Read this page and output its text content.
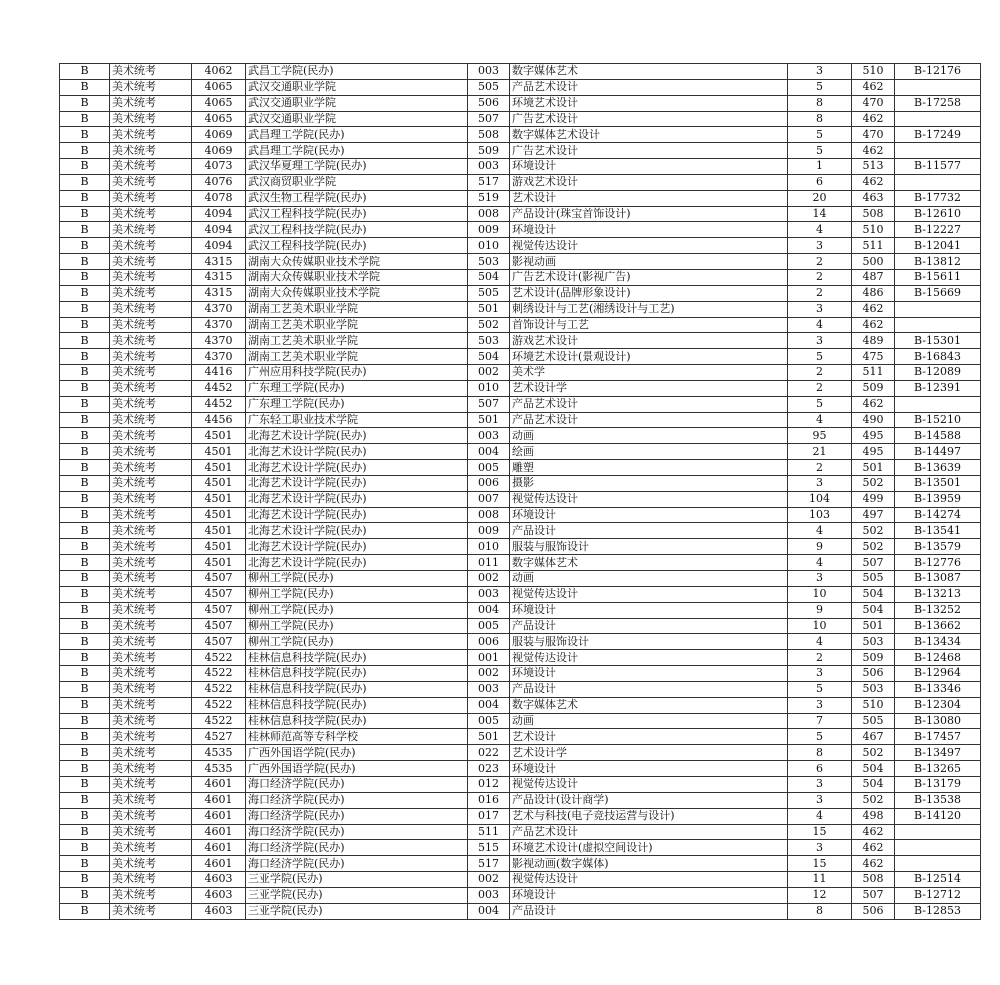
B	美术统考	4062	武昌工学院(民办)	003	数字媒体艺术	3	510	B-12176
B	美术统考	4065	武汉交通职业学院	505	产品艺术设计	5	462	
B	美术统考	4065	武汉交通职业学院	506	环境艺术设计	8	470	B-17258
B	美术统考	4065	武汉交通职业学院	507	广告艺术设计	8	462	
B	美术统考	4069	武昌理工学院(民办)	508	数字媒体艺术设计	5	470	B-17249
B	美术统考	4069	武昌理工学院(民办)	509	广告艺术设计	5	462	
B	美术统考	4073	武汉华夏理工学院(民办)	003	环境设计	1	513	B-11577
B	美术统考	4076	武汉商贸职业学院	517	游戏艺术设计	6	462	
B	美术统考	4078	武汉生物工程学院(民办)	519	艺术设计	20	463	B-17732
B	美术统考	4094	武汉工程科技学院(民办)	008	产品设计(珠宝首饰设计)	14	508	B-12610
B	美术统考	4094	武汉工程科技学院(民办)	009	环境设计	4	510	B-12227
B	美术统考	4094	武汉工程科技学院(民办)	010	视觉传达设计	3	511	B-12041
B	美术统考	4315	湖南大众传媒职业技术学院	503	影视动画	2	500	B-13812
B	美术统考	4315	湖南大众传媒职业技术学院	504	广告艺术设计(影视广告)	2	487	B-15611
B	美术统考	4315	湖南大众传媒职业技术学院	505	艺术设计(品牌形象设计)	2	486	B-15669
B	美术统考	4370	湖南工艺美术职业学院	501	刺绣设计与工艺(湘绣设计与工艺)	3	462	
B	美术统考	4370	湖南工艺美术职业学院	502	首饰设计与工艺	4	462	
B	美术统考	4370	湖南工艺美术职业学院	503	游戏艺术设计	3	489	B-15301
B	美术统考	4370	湖南工艺美术职业学院	504	环境艺术设计(景观设计)	5	475	B-16843
B	美术统考	4416	广州应用科技学院(民办)	002	美术学	2	511	B-12089
B	美术统考	4452	广东理工学院(民办)	010	艺术设计学	2	509	B-12391
B	美术统考	4452	广东理工学院(民办)	507	产品艺术设计	5	462	
B	美术统考	4456	广东轻工职业技术学院	501	产品艺术设计	4	490	B-15210
B	美术统考	4501	北海艺术设计学院(民办)	003	动画	95	495	B-14588
B	美术统考	4501	北海艺术设计学院(民办)	004	绘画	21	495	B-14497
B	美术统考	4501	北海艺术设计学院(民办)	005	雕塑	2	501	B-13639
B	美术统考	4501	北海艺术设计学院(民办)	006	摄影	3	502	B-13501
B	美术统考	4501	北海艺术设计学院(民办)	007	视觉传达设计	104	499	B-13959
B	美术统考	4501	北海艺术设计学院(民办)	008	环境设计	103	497	B-14274
B	美术统考	4501	北海艺术设计学院(民办)	009	产品设计	4	502	B-13541
B	美术统考	4501	北海艺术设计学院(民办)	010	服装与服饰设计	9	502	B-13579
B	美术统考	4501	北海艺术设计学院(民办)	011	数字媒体艺术	4	507	B-12776
B	美术统考	4507	柳州工学院(民办)	002	动画	3	505	B-13087
B	美术统考	4507	柳州工学院(民办)	003	视觉传达设计	10	504	B-13213
B	美术统考	4507	柳州工学院(民办)	004	环境设计	9	504	B-13252
B	美术统考	4507	柳州工学院(民办)	005	产品设计	10	501	B-13662
B	美术统考	4507	柳州工学院(民办)	006	服装与服饰设计	4	503	B-13434
B	美术统考	4522	桂林信息科技学院(民办)	001	视觉传达设计	2	509	B-12468
B	美术统考	4522	桂林信息科技学院(民办)	002	环境设计	3	506	B-12964
B	美术统考	4522	桂林信息科技学院(民办)	003	产品设计	5	503	B-13346
B	美术统考	4522	桂林信息科技学院(民办)	004	数字媒体艺术	3	510	B-12304
B	美术统考	4522	桂林信息科技学院(民办)	005	动画	7	505	B-13080
B	美术统考	4527	桂林师范高等专科学校	501	艺术设计	5	467	B-17457
B	美术统考	4535	广西外国语学院(民办)	022	艺术设计学	8	502	B-13497
B	美术统考	4535	广西外国语学院(民办)	023	环境设计	6	504	B-13265
B	美术统考	4601	海口经济学院(民办)	012	视觉传达设计	3	504	B-13179
B	美术统考	4601	海口经济学院(民办)	016	产品设计(设计商学)	3	502	B-13538
B	美术统考	4601	海口经济学院(民办)	017	艺术与科技(电子竞技运营与设计)	4	498	B-14120
B	美术统考	4601	海口经济学院(民办)	511	产品艺术设计	15	462	
B	美术统考	4601	海口经济学院(民办)	515	环境艺术设计(虚拟空间设计)	3	462	
B	美术统考	4601	海口经济学院(民办)	517	影视动画(数字媒体)	15	462	
B	美术统考	4603	三亚学院(民办)	002	视觉传达设计	11	508	B-12514
B	美术统考	4603	三亚学院(民办)	003	环境设计	12	507	B-12712
B	美术统考	4603	三亚学院(民办)	004	产品设计	8	506	B-12853
